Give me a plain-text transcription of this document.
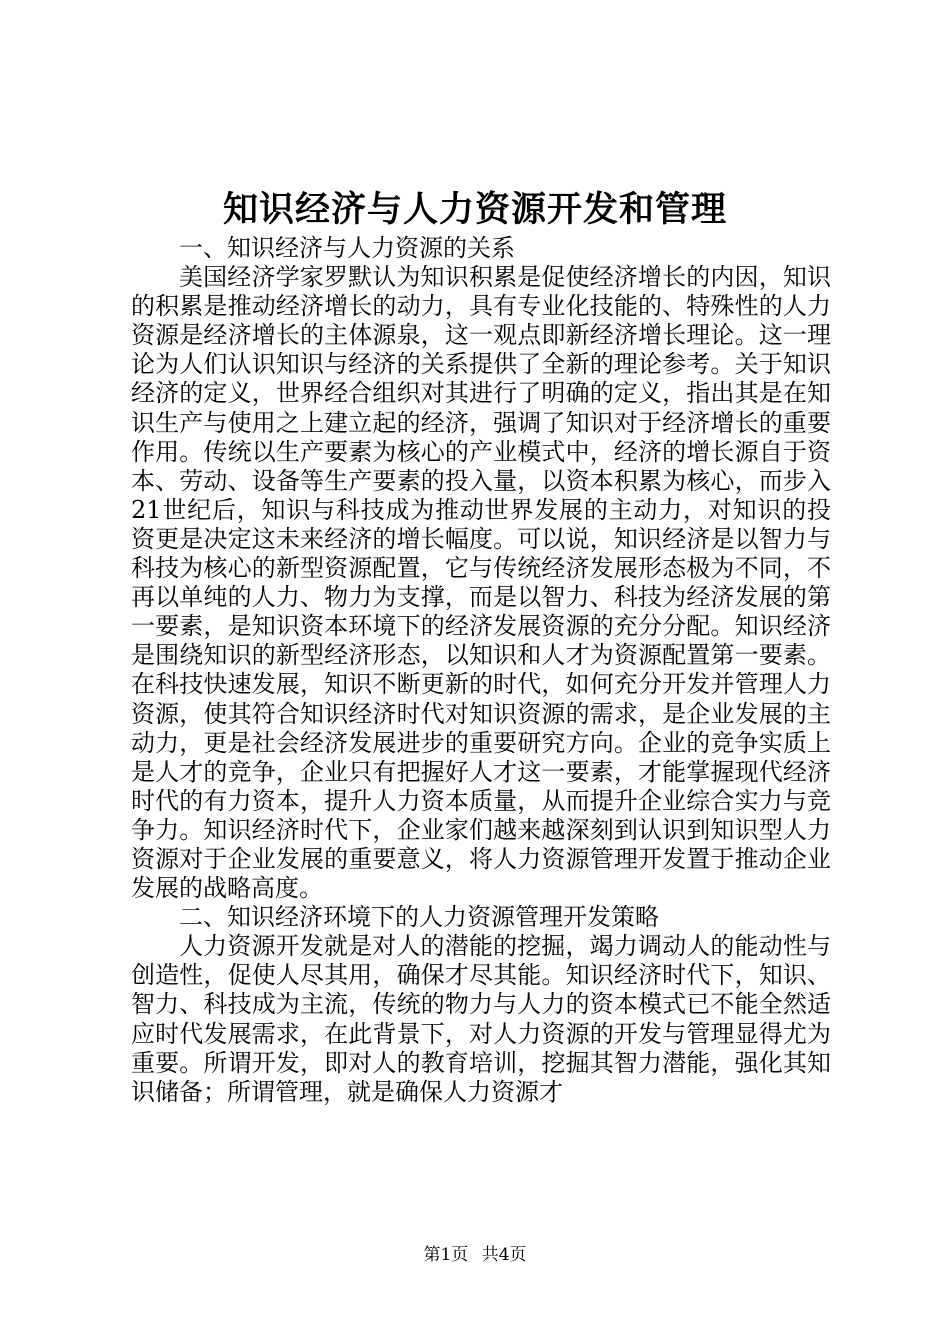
知识经济与人力资源开发和管理

一、知识经济与人力资源的关系

美国经济学家罗默认为知识积累是促使经济增长的内因，知识的积累是推动经济增长的动力，具有专业化技能的、特殊性的人力资源是经济增长的主体源泉，这一观点即新经济增长理论。这一理论为人们认识知识与经济的关系提供了全新的理论参考。关于知识经济的定义，世界经合组织对其进行了明确的定义，指出其是在知识生产与使用之上建立起的经济，强调了知识对于经济增长的重要作用。传统以生产要素为核心的产业模式中，经济的增长源自于资本、劳动、设备等生产要素的投入量，以资本积累为核心，而步入21世纪后，知识与科技成为推动世界发展的主动力，对知识的投资更是决定这未来经济的增长幅度。可以说，知识经济是以智力与科技为核心的新型资源配置，它与传统经济发展形态极为不同，不再以单纯的人力、物力为支撑，而是以智力、科技为经济发展的第一要素，是知识资本环境下的经济发展资源的充分分配。知识经济是围绕知识的新型经济形态，以知识和人才为资源配置第一要素。在科技快速发展，知识不断更新的时代，如何充分开发并管理人力资源，使其符合知识经济时代对知识资源的需求，是企业发展的主动力，更是社会经济发展进步的重要研究方向。企业的竞争实质上是人才的竞争，企业只有把握好人才这一要素，才能掌握现代经济时代的有力资本，提升人力资本质量，从而提升企业综合实力与竞争力。知识经济时代下，企业家们越来越深刻到认识到知识型人力资源对于企业发展的重要意义，将人力资源管理开发置于推动企业发展的战略高度。

二、知识经济环境下的人力资源管理开发策略

人力资源开发就是对人的潜能的挖掘，竭力调动人的能动性与创造性，促使人尽其用，确保才尽其能。知识经济时代下，知识、智力、科技成为主流，传统的物力与人力的资本模式已不能全然适应时代发展需求，在此背景下，对人力资源的开发与管理显得尤为重要。所谓开发，即对人的教育培训，挖掘其智力潜能，强化其知识储备；所谓管理，就是确保人力资源才

第1页 共4页
